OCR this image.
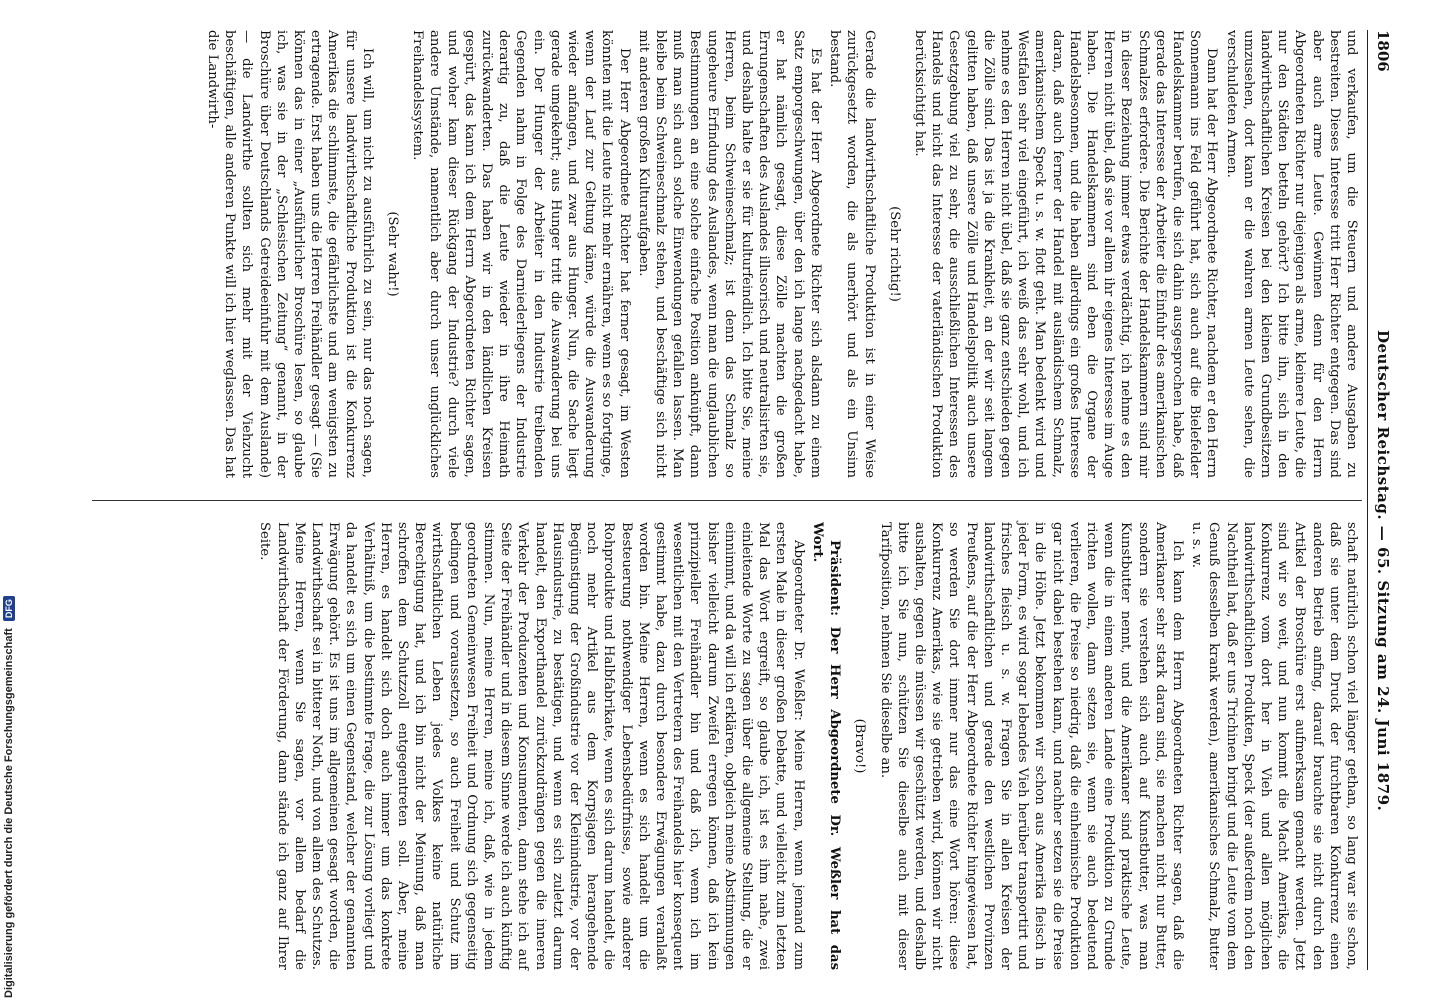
1806
Deutscher Reichstag. — 65. Sitzung am 24. Juni 1879.

und verkaufen, um die Steuern und andere Ausgaben zu bestreiten. Dieses Interesse tritt Herr Richter entgegen. Das sind aber auch arme Leute. Gewinnen denn für den Herrn Abgeordneten Richter nur diejenigen als arme, kleinere Leute, die nur den Städten betteln gehört? Ich bitte ihn, sich in den landwirthschaftlichen Kreisen bei den kleinen Grundbesitzern umzusehen, dort kann er die wahren armen Leute sehen, die verschuldeten Armen.

Dann hat der Herr Abgeordnete Richter, nachdem er den Herrn Sonnemann ins Feld geführt hat, sich auch auf die Bielefelder Handelskammer berufen, die sich dahin ausgesprochen habe, daß gerade das Interesse der Arbeiter die Einfuhr des amerikanischen Schmalzes erfordere. Die Berichte der Handelskammern sind mir in dieser Beziehung immer etwas verdächtig, ich nehme es den Herren nicht übel, daß sie vor allem ihr eigenes Interesse im Auge haben. Die Handelskammern sind eben die Organe der Handelsbesonnen, und die haben allerdings ein großes Interesse daran, daß auch ferner der Handel mit ausländischem Schmalz, amerikanischem Speck u. s. w. flott geht. Man bedenkt wird und Westfalen sehr viel eingeführt, ich weiß das sehr wohl, und ich nehme es den Herren nicht übel, daß sie ganz entschieden gegen die Zölle sind. Das ist ja die Krankheit, an der wir seit langem gelitten haben, daß unsere Zölle und Handelspolitik auch unsere Gesetzgebung viel zu sehr, die ausschließlichen Interessen des Handels und nicht das Interesse der vaterländischen Produktion berücksichtigt hat.

(Sehr richtig!)

Gerade die landwirthschaftliche Produktion ist in einer Weise zurückgesetzt worden, die als unerhört und als ein Unsinn bestand.

Es hat der Herr Abgeordnete Richter sich alsdann zu einem Satz emporgeschwungen, über den ich lange nachgedacht habe, er hat nämlich gesagt, diese Zölle machten die großen Errungenschaften des Auslandes illusorisch und neutralisirten sie, und deshalb halte er sie für kulturfeindlich. Ich bitte Sie, meine Herren, beim Schweineschmalz; ist denn das Schmalz so ungeheure Erfindung des Auslandes, wenn man die unglaublichen Bestimmungen an eine solche einfache Position anknüpft, dann muß man sich auch solche Einwendungen gefallen lassen. Man bleibe beim Schweineschmalz stehen, und beschäftige sich nicht mit anderen großen Kulturaufgaben.

Der Herr Abgeordnete Richter hat ferner gesagt, im Westen könnten mit die Leute nicht mehr ernähren, wenn es so fortginge, wenn der Lauf zur Geltung käme, würde die Auswanderung wieder anfangen, und zwar aus Hunger. Nun, die Sache liegt gerade umgekehrt; aus Hunger tritt die Auswanderung bei uns ein. Der Hunger der Arbeiter in den Industrie treibenden Gegenden nahm in Folge des Darniederliegens der Industrie derartig zu, daß die Leute wieder in ihre Heimath zurückwanderten. Das haben wir in den ländlichen Kreisen gespürt, das kann ich dem Herrn Abgeordneten Richter sagen, und woher kam dieser Rückgang der Industrie? durch viele andere Umstände, namentlich aber durch unser unglückliches Freihandelssystem.

(Sehr wahr!)

Ich will, um nicht zu ausführlich zu sein, nur das noch sagen, für unsere landwirthschaftliche Produktion ist die Konkurrenz Amerikas die schlimmste, die gefährlichste und am wenigsten zu ertragende. Erst haben uns die Herren Freihändler gesagt — (Sie können das in einer „Ausführlicher Broschüre lesen, so glaube ich, was sie in der „Schlesischen Zeitung“ genannt, in der Broschüre über Deutschlands Getreideeinfuhr mit dem Auslande) — die Landwirthe sollten sich mehr mit der Viehzucht beschäftigen, alle anderen Punkte will ich hier weglassen. Das hat die Landwirth-

schaft natürlich schon viel länger gethan, so lang war sie schon, daß sie unter dem Druck der furchtbaren Konkurrenz einen anderen Betrieb anfing, darauf brauchte sie nicht durch den Artikel der Broschüre erst aufmerksam gemacht werden. Jetzt sind wir so weit, und nun kommt die Macht Amerikas, die Konkurrenz vom dort her in Vieh und allen möglichen landwirthschaftlichen Produkten, Speck (der außerdem noch den Nachtheil hat, daß er uns Trichinen bringt und die Leute vom dem Genuß desselben krank werden), amerikanisches Schmalz, Butter u. s. w.

Ich kann dem Herrn Abgeordneten Richter sagen, daß die Amerikaner sehr stark daran sind, sie machen nicht nur Butter, sondern sie verstehen sich auch auf Kunstbutter, was man Kunstbutter nennt, und die Amerikaner sind praktische Leute, wenn die in einem anderen Lande eine Produktion zu Grunde richten wollen, dann setzen sie, wenn sie auch bedeutend verlieren, die Preise so niedrig, daß die einheimische Produktion gar nicht dabei bestehen kann, und nachher setzen sie die Preise in die Höhe. Jetzt bekommen wir schon aus Amerika fleisch in jeder Form, es wird sogar lebendes Vieh herüber transportirt und frisches fleisch u. s. w. Fragen Sie in allen Kreisen der landwirthschaftlichen und gerade den westlichen Provinzen Preußens, auf die der Herr Abgeordnete Richter hingewiesen hat, so werden Sie dort immer nur das eine Wort hören: diese Konkurrenz Amerikas, wie sie getrieben wird, können wir nicht aushalten, gegen die müssen wir geschützt werden, und deshalb bitte ich Sie nun, schützen Sie dieselbe auch mit dieser Tarifposition, nehmen Sie dieselbe an.

(Bravo!)

Präsident: Der Herr Abgeordnete Dr. Weßler hat das Wort.

Abgeordneter Dr. Weßler: Meine Herren, wenn jemand zum ersten Male in dieser großen Debatte, und vielleicht zum letzten Mal das Wort ergreift, so glaube ich, ist es ihm nahe, zwei einleitende Worte zu sagen über die allgemeine Stellung, die er einnimmt, und da will ich erklären, obgleich meine Abstimmungen bisher vielleicht darum Zweifel erregen können, daß ich kein prinzipieller Freihändler bin und daß ich, wenn ich im wesentlichen mit den Vertretern des Freihandels hier konsequent gestimmt habe, dazu durch besondere Erwägungen veranlaßt worden bin. Meine Herren, wenn es sich handelt um die Besteuerung nothwendiger Lebensbedürfnisse, sowie anderer Rohprodukte und Halbfabrikate, wenn es sich darum handelt, die noch mehr Artikel aus dem Korpsjagen herangehende Begünstigung der Großindustrie vor der Kleinindustrie, vor der Hausindustrie, zu bestätigen, und wenn es sich zuletzt darum handelt, den Exporthandel zurückzudrängen gegen die inneren Verkehr der Produzenten und Konsumenten, dann stehe ich auf Seite der Freihändler und in diesem Sinne werde ich auch künftig stimmen. Nun, meine Herren, meine ich, daß, wie in jedem geordneten Gemeinwesen Freiheit und Ordnung sich gegenseitig bedingen und voraussetzen, so auch Freiheit und Schutz im wirthschaftlichen Leben jedes Volkes keine natürliche Berechtigung hat, und ich bin nicht der Meinung, daß man schroffen dem Schutzzoll entgegentreten soll. Aber, meine Herren, es handelt sich doch auch immer um das konkrete Verhältniß, um die bestimmte Frage, die zur Lösung vorliegt und da handelt es sich um einen Gegenstand, welcher der genannten Erwägung gehört. Es ist uns im allgemeinen gesagt worden, die Landwirthschaft sei in bitterer Noth, und von allem des Schutzes. Meine Herren, wenn Sie sagen, vor allem bedarf die Landwirthschaft der Förderung, dann stände ich ganz auf Ihrer Seite.

Digitalisierung gefördert durch die Deutsche Forschungsgemeinschaft DFG
